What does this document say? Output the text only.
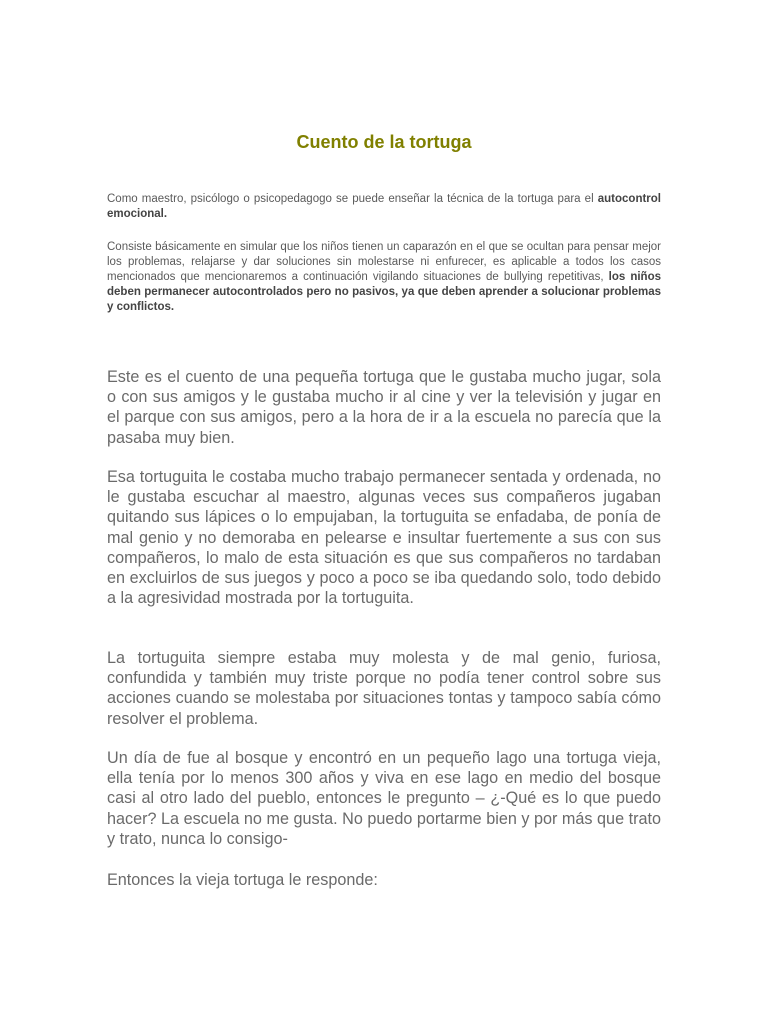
Cuento de la tortuga

Como maestro, psicólogo o psicopedagogo se puede enseñar la técnica de la tortuga para el autocontrol emocional.

Consiste básicamente en simular que los niños tienen un caparazón en el que se ocultan para pensar mejor los problemas, relajarse y dar soluciones sin molestarse ni enfurecer, es aplicable a todos los casos mencionados que mencionaremos a continuación vigilando situaciones de bullying repetitivas, los niños deben permanecer autocontrolados pero no pasivos, ya que deben aprender a solucionar problemas y conflictos.

Este es el cuento de una pequeña tortuga que le gustaba mucho jugar, sola o con sus amigos y le gustaba mucho ir al cine y ver la televisión y jugar en el parque con sus amigos, pero a la hora de ir a la escuela no parecía que la pasaba muy bien.

Esa tortuguita le costaba mucho trabajo permanecer sentada y ordenada, no le gustaba escuchar al maestro, algunas veces sus compañeros jugaban quitando sus lápices o lo empujaban, la tortuguita se enfadaba, de ponía de mal genio y no demoraba en pelearse e insultar fuertemente a sus con sus compañeros, lo malo de esta situación es que sus compañeros no tardaban en excluirlos de sus juegos y poco a poco se iba quedando solo, todo debido a la agresividad mostrada por la tortuguita.

La tortuguita siempre estaba muy molesta y de mal genio, furiosa, confundida y también muy triste porque no podía tener control sobre sus acciones cuando se molestaba por situaciones tontas y tampoco sabía cómo resolver el problema.

Un día de fue al bosque y encontró en un pequeño lago una tortuga vieja, ella tenía por lo menos 300 años y viva en ese lago en medio del bosque casi al otro lado del pueblo, entonces le pregunto – ¿-Qué es lo que puedo hacer? La escuela no me gusta. No puedo portarme bien y por más que trato y trato, nunca lo consigo-

Entonces la vieja tortuga le responde:
